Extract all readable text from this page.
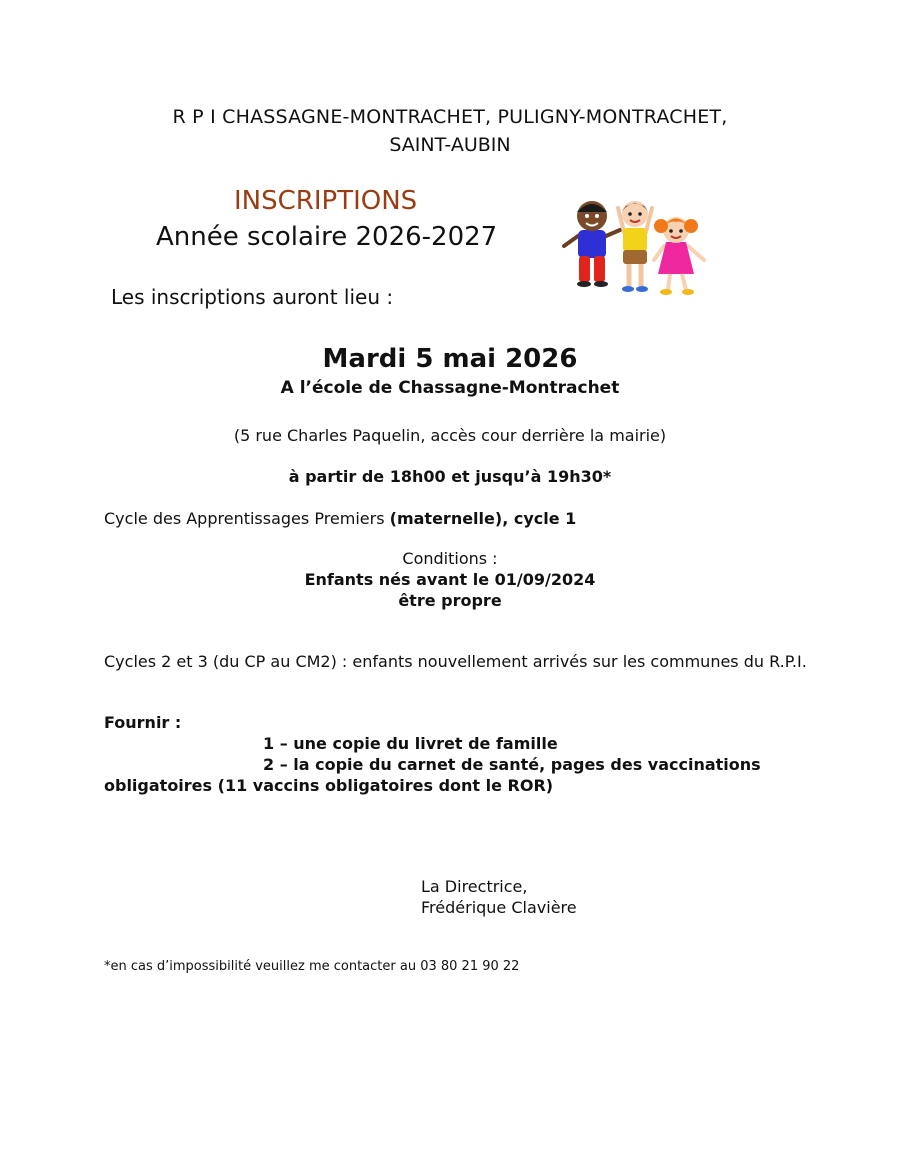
R P I CHASSAGNE-MONTRACHET, PULIGNY-MONTRACHET,
SAINT-AUBIN
INSCRIPTIONS
Année scolaire 2026-2027
Les inscriptions auront lieu :
Mardi 5 mai 2026
A l’école de Chassagne-Montrachet
(5 rue Charles Paquelin, accès cour derrière la mairie)
à partir de 18h00 et jusqu’à 19h30*
Cycle des Apprentissages Premiers (maternelle), cycle 1
Conditions :
Enfants nés avant le 01/09/2024
être propre
Cycles 2 et 3 (du CP au CM2) : enfants nouvellement arrivés sur les communes du R.P.I.
Fournir :
1 – une copie du livret de famille
2 – la copie du carnet de santé, pages des vaccinations
obligatoires (11 vaccins obligatoires dont le ROR)
La Directrice,
Frédérique Clavière
*en cas d’impossibilité veuillez me contacter au 03 80 21 90 22
